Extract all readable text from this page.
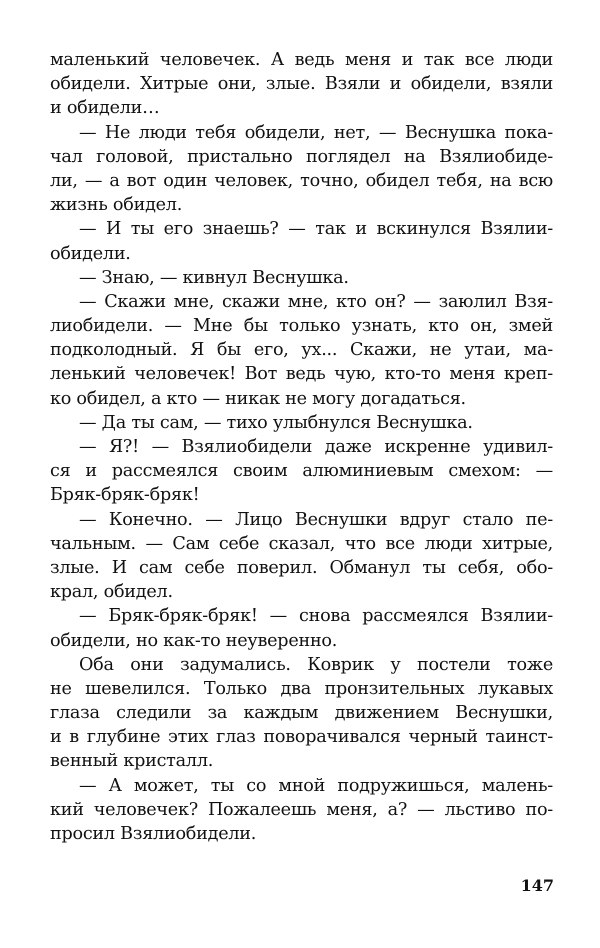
маленький человечек. А ведь меня и так все люди
обидели. Хитрые они, злые. Взяли и обидели, взяли
и обидели…
— Не люди тебя обидели, нет, — Веснушка пока-
чал головой, пристально поглядел на Взялиобиде-
ли, — а вот один человек, точно, обидел тебя, на всю
жизнь обидел.
— И ты его знаешь? — так и вскинулся Взялии-
обидели.
— Знаю, — кивнул Веснушка.
— Скажи мне, скажи мне, кто он? — заюлил Взя-
лиобидели. — Мне бы только узнать, кто он, змей
подколодный. Я бы его, ух... Скажи, не утаи, ма-
ленький человечек! Вот ведь чую, кто-то меня креп-
ко обидел, а кто — никак не могу догадаться.
— Да ты сам, — тихо улыбнулся Веснушка.
— Я?! — Взялиобидели даже искренне удивил-
ся и рассмеялся своим алюминиевым смехом: —
Бряк-бряк-бряк!
— Конечно. — Лицо Веснушки вдруг стало пе-
чальным. — Сам себе сказал, что все люди хитрые,
злые. И сам себе поверил. Обманул ты себя, обо-
крал, обидел.
— Бряк-бряк-бряк! — снова рассмеялся Взялии-
обидели, но как-то неуверенно.
Оба они задумались. Коврик у постели тоже
не шевелился. Только два пронзительных лукавых
глаза следили за каждым движением Веснушки,
и в глубине этих глаз поворачивался черный таинст-
венный кристалл.
— А может, ты со мной подружишься, малень-
кий человечек? Пожалеешь меня, а? — льстиво по-
просил Взялиобидели.
147
